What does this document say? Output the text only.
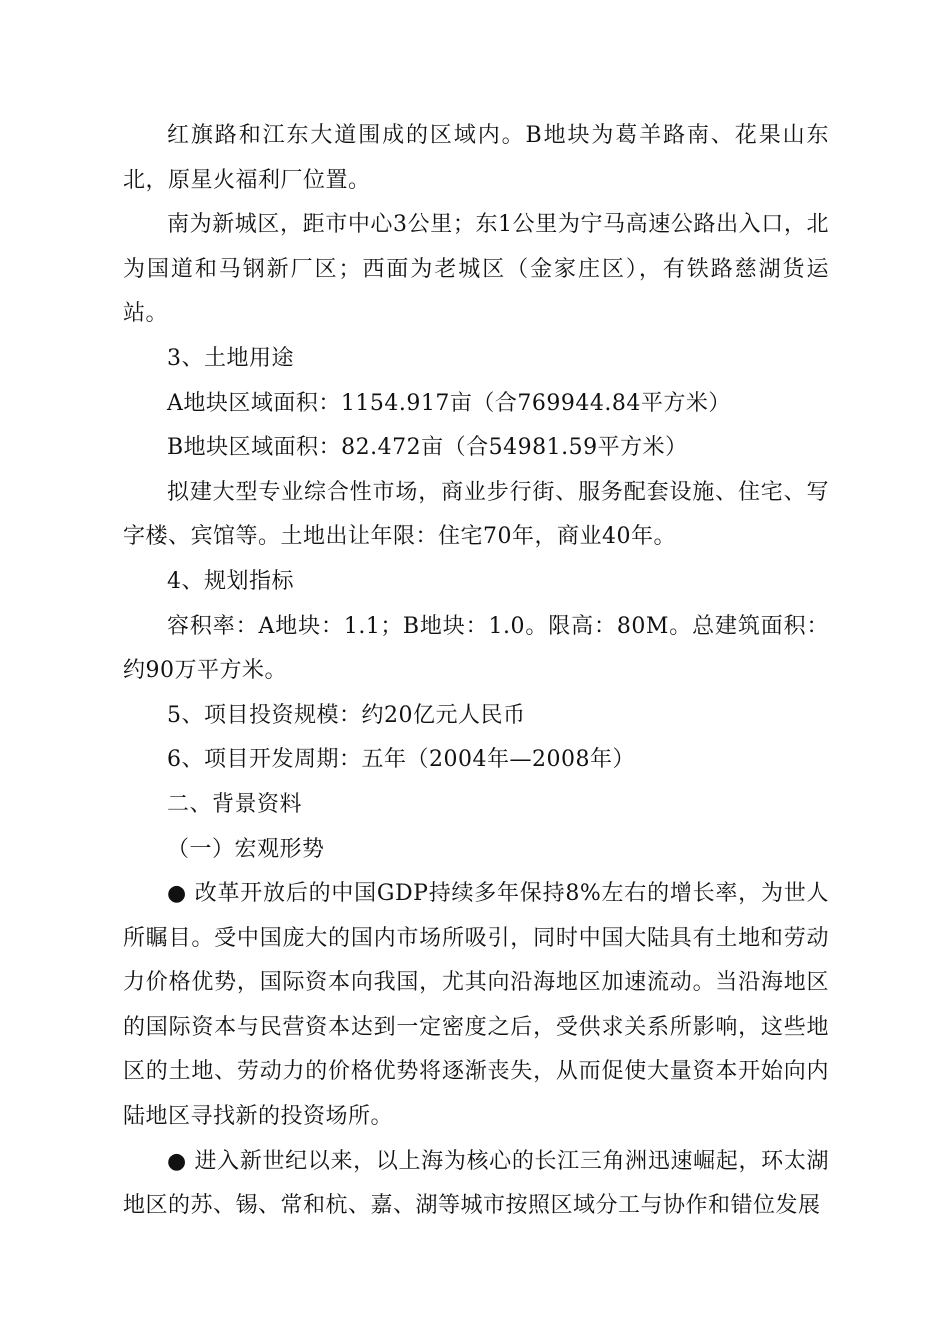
红旗路和江东大道围成的区域内。B地块为葛羊路南、花果山东北，原星火福利厂位置。

南为新城区，距市中心3公里；东1公里为宁马高速公路出入口，北为国道和马钢新厂区；西面为老城区（金家庄区），有铁路慈湖货运站。

3、土地用途

A地块区域面积：1154.917亩（合769944.84平方米）

B地块区域面积：82.472亩（合54981.59平方米）

拟建大型专业综合性市场，商业步行街、服务配套设施、住宅、写字楼、宾馆等。土地出让年限：住宅70年，商业40年。

4、规划指标

容积率：A地块：1.1；B地块：1.0。限高：80M。总建筑面积：约90万平方米。

5、项目投资规模：约20亿元人民币

6、项目开发周期：五年（2004年—2008年）

二、背景资料

（一）宏观形势

● 改革开放后的中国GDP持续多年保持8%左右的增长率，为世人所瞩目。受中国庞大的国内市场所吸引，同时中国大陆具有土地和劳动力价格优势，国际资本向我国，尤其向沿海地区加速流动。当沿海地区的国际资本与民营资本达到一定密度之后，受供求关系所影响，这些地区的土地、劳动力的价格优势将逐渐丧失，从而促使大量资本开始向内陆地区寻找新的投资场所。

● 进入新世纪以来，以上海为核心的长江三角洲迅速崛起，环太湖地区的苏、锡、常和杭、嘉、湖等城市按照区域分工与协作和错位发展
